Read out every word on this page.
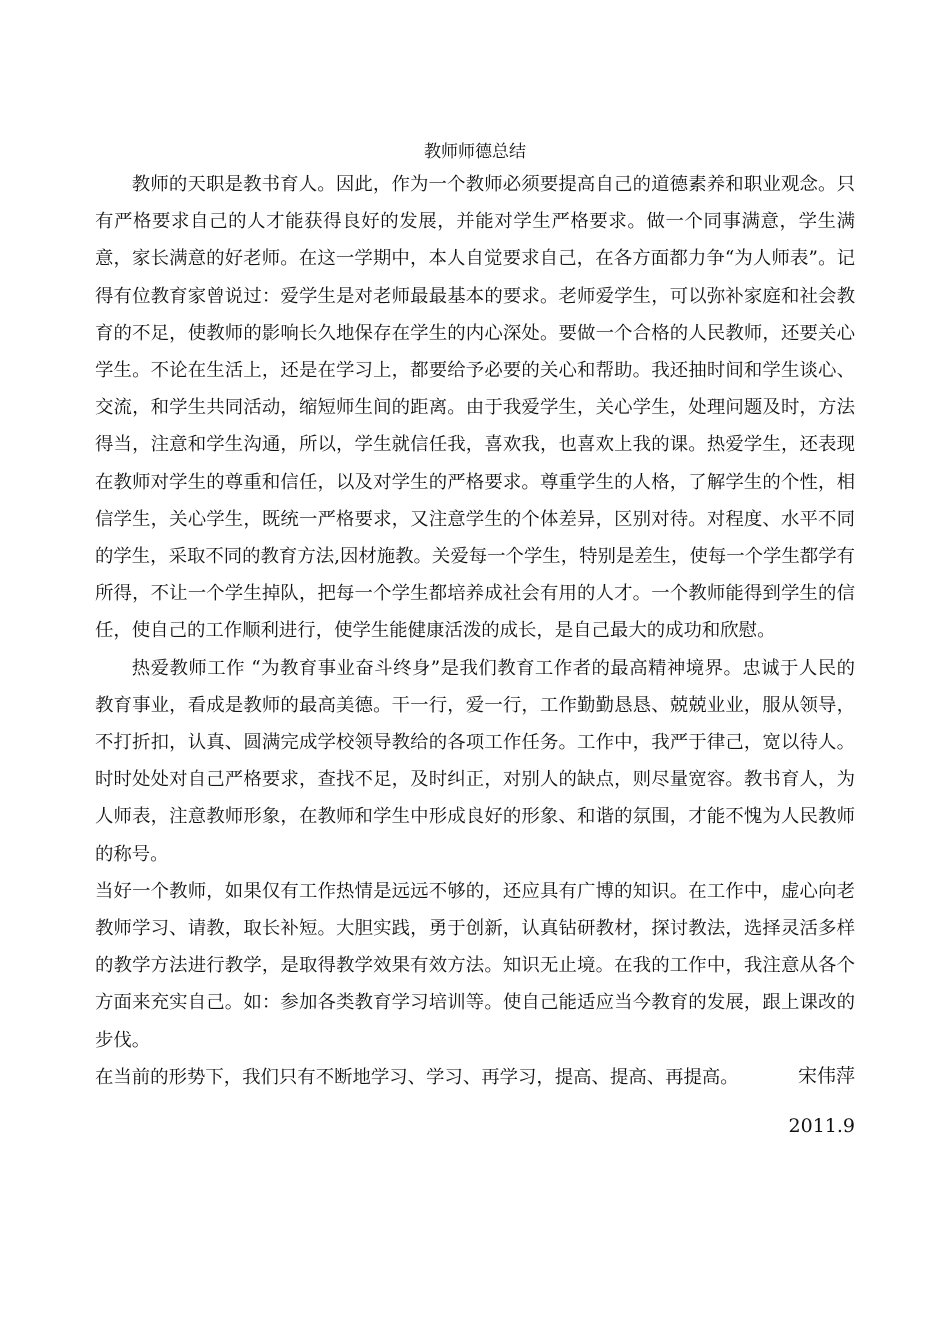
教师师德总结

教师的天职是教书育人。因此，作为一个教师必须要提高自己的道德素养和职业观念。只有严格要求自己的人才能获得良好的发展，并能对学生严格要求。做一个同事满意，学生满意，家长满意的好老师。在这一学期中，本人自觉要求自己，在各方面都力争“为人师表”。记得有位教育家曾说过：爱学生是对老师最最基本的要求。老师爱学生，可以弥补家庭和社会教育的不足，使教师的影响长久地保存在学生的内心深处。要做一个合格的人民教师，还要关心学生。不论在生活上，还是在学习上，都要给予必要的关心和帮助。我还抽时间和学生谈心、交流，和学生共同活动，缩短师生间的距离。由于我爱学生，关心学生，处理问题及时，方法得当，注意和学生沟通，所以，学生就信任我，喜欢我，也喜欢上我的课。热爱学生，还表现在教师对学生的尊重和信任，以及对学生的严格要求。尊重学生的人格，了解学生的个性，相信学生，关心学生，既统一严格要求，又注意学生的个体差异，区别对待。对程度、水平不同的学生，采取不同的教育方法,因材施教。关爱每一个学生，特别是差生，使每一个学生都学有所得，不让一个学生掉队，把每一个学生都培养成社会有用的人才。一个教师能得到学生的信任，使自己的工作顺利进行，使学生能健康活泼的成长，是自己最大的成功和欣慰。

热爱教师工作 “为教育事业奋斗终身”是我们教育工作者的最高精神境界。忠诚于人民的教育事业，看成是教师的最高美德。干一行，爱一行，工作勤勤恳恳、兢兢业业，服从领导，不打折扣，认真、圆满完成学校领导教给的各项工作任务。工作中，我严于律己，宽以待人。时时处处对自己严格要求，查找不足，及时纠正，对别人的缺点，则尽量宽容。教书育人，为人师表，注意教师形象，在教师和学生中形成良好的形象、和谐的氛围，才能不愧为人民教师的称号。

当好一个教师，如果仅有工作热情是远远不够的，还应具有广博的知识。在工作中，虚心向老教师学习、请教，取长补短。大胆实践，勇于创新，认真钻研教材，探讨教法，选择灵活多样的教学方法进行教学，是取得教学效果有效方法。知识无止境。在我的工作中，我注意从各个方面来充实自己。如：参加各类教育学习培训等。使自己能适应当今教育的发展，跟上课改的步伐。

在当前的形势下，我们只有不断地学习、学习、再学习，提高、提高、再提高。	宋伟萍
2011.9
